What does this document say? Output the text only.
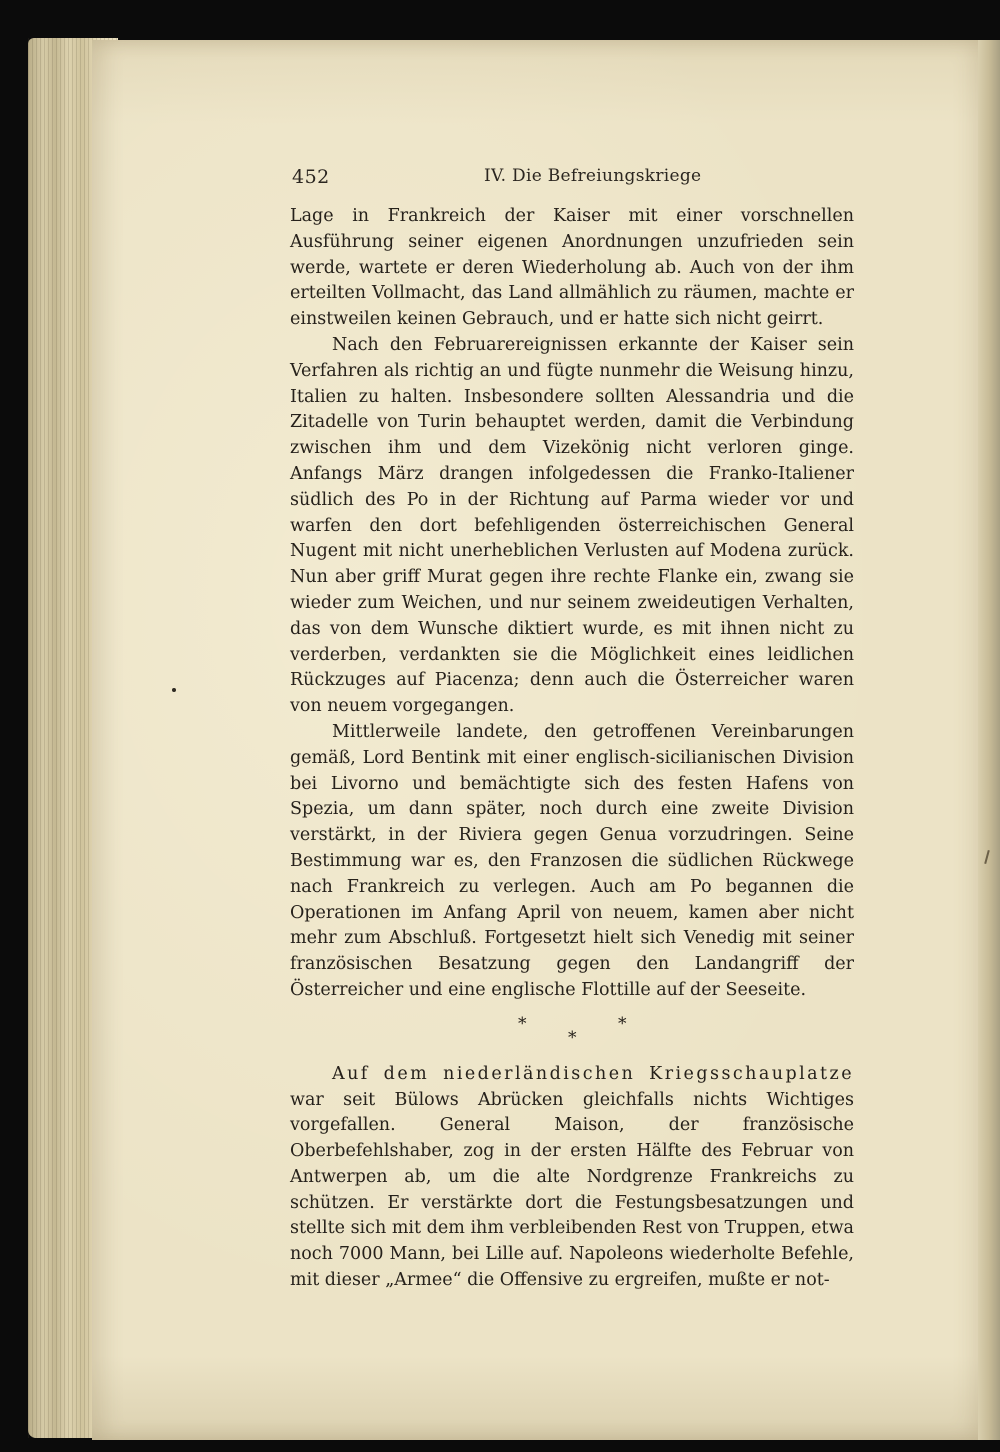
452	IV. Die Befreiungskriege

Lage in Frankreich der Kaiser mit einer vorschnellen Ausführung seiner eigenen Anordnungen unzufrieden sein werde, wartete er deren Wiederholung ab. Auch von der ihm erteilten Vollmacht, das Land allmählich zu räumen, machte er einstweilen keinen Gebrauch, und er hatte sich nicht geirrt.

Nach den Februarereignissen erkannte der Kaiser sein Verfahren als richtig an und fügte nunmehr die Weisung hinzu, Italien zu halten. Insbesondere sollten Alessandria und die Zitadelle von Turin behauptet werden, damit die Verbindung zwischen ihm und dem Vizekönig nicht verloren ginge. Anfangs März drangen infolgedessen die Franko-Italiener südlich des Po in der Richtung auf Parma wieder vor und warfen den dort befehligenden österreichischen General Nugent mit nicht unerheblichen Verlusten auf Modena zurück. Nun aber griff Murat gegen ihre rechte Flanke ein, zwang sie wieder zum Weichen, und nur seinem zweideutigen Verhalten, das von dem Wunsche diktiert wurde, es mit ihnen nicht zu verderben, verdankten sie die Möglichkeit eines leidlichen Rückzuges auf Piacenza; denn auch die Österreicher waren von neuem vorgegangen.

Mittlerweile landete, den getroffenen Vereinbarungen gemäß, Lord Bentink mit einer englisch-sicilianischen Division bei Livorno und bemächtigte sich des festen Hafens von Spezia, um dann später, noch durch eine zweite Division verstärkt, in der Riviera gegen Genua vorzudringen. Seine Bestimmung war es, den Franzosen die südlichen Rückwege nach Frankreich zu verlegen. Auch am Po begannen die Operationen im Anfang April von neuem, kamen aber nicht mehr zum Abschluß. Fortgesetzt hielt sich Venedig mit seiner französischen Besatzung gegen den Landangriff der Österreicher und eine englische Flottille auf der Seeseite.

*
*
*

Auf dem niederländischen Kriegsschauplatze war seit Bülows Abrücken gleichfalls nichts Wichtiges vorgefallen. General Maison, der französische Oberbefehlshaber, zog in der ersten Hälfte des Februar von Antwerpen ab, um die alte Nordgrenze Frankreichs zu schützen. Er verstärkte dort die Festungsbesatzungen und stellte sich mit dem ihm verbleibenden Rest von Truppen, etwa noch 7000 Mann, bei Lille auf. Napoleons wiederholte Befehle, mit dieser „Armee“ die Offensive zu ergreifen, mußte er not-
